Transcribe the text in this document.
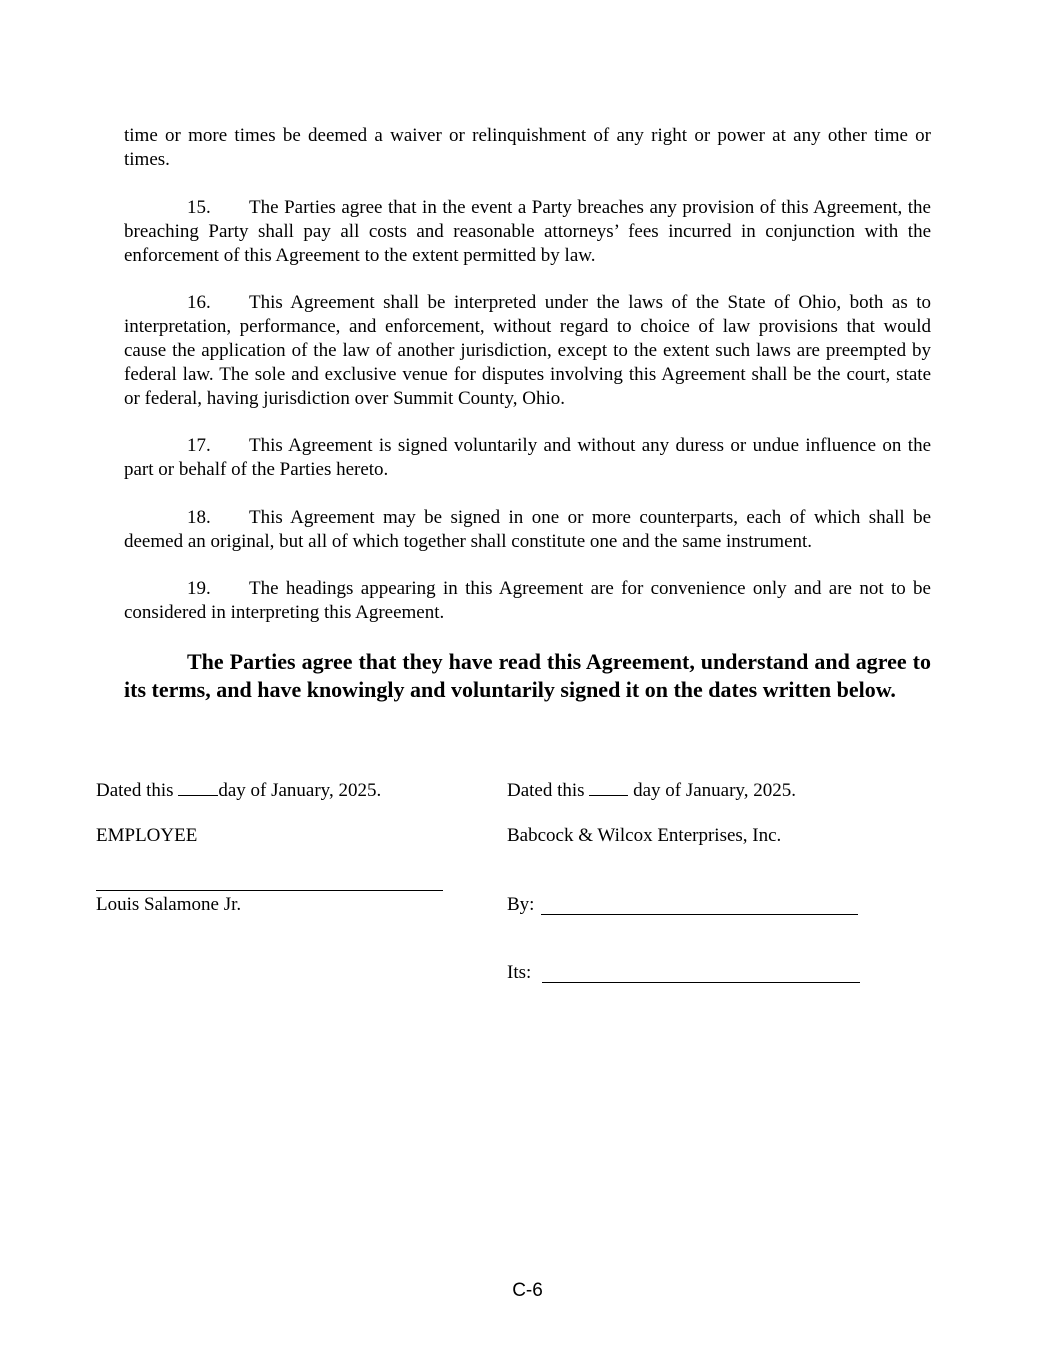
time or more times be deemed a waiver or relinquishment of any right or power at any other time or times.

15. The Parties agree that in the event a Party breaches any provision of this Agreement, the breaching Party shall pay all costs and reasonable attorneys’ fees incurred in conjunction with the enforcement of this Agreement to the extent permitted by law.

16. This Agreement shall be interpreted under the laws of the State of Ohio, both as to interpretation, performance, and enforcement, without regard to choice of law provisions that would cause the application of the law of another jurisdiction, except to the extent such laws are preempted by federal law. The sole and exclusive venue for disputes involving this Agreement shall be the court, state or federal, having jurisdiction over Summit County, Ohio.

17. This Agreement is signed voluntarily and without any duress or undue influence on the part or behalf of the Parties hereto.

18. This Agreement may be signed in one or more counterparts, each of which shall be deemed an original, but all of which together shall constitute one and the same instrument.

19. The headings appearing in this Agreement are for convenience only and are not to be considered in interpreting this Agreement.

The Parties agree that they have read this Agreement, understand and agree to its terms, and have knowingly and voluntarily signed it on the dates written below.

Dated this day of January, 2025.
EMPLOYEE
Louis Salamone Jr.
Dated this	day of January, 2025.
Babcock & Wilcox Enterprises, Inc.
By:
Its:
C-6
